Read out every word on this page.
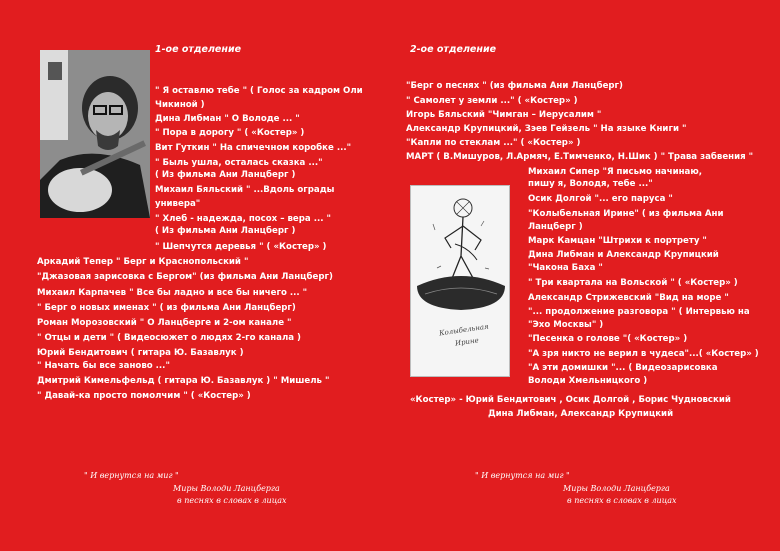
1-ое отделение
" Я оставлю тебе " ( Голос за кадром Оли
Чикиной )
Дина Либман " О Володе ... "
" Пора в дорогу " ( «Костер» )
Вит Гуткин " На спичечном коробке ..."
" Быль ушла, осталась сказка ..."
( Из фильма Ани Ланцберг )
Михаил Бяльский " ...Вдоль ограды
универа"
" Хлеб - надежда, посох – вера ... "
( Из фильма Ани Ланцберг )
" Шепчутся деревья " ( «Костер» )
Аркадий Тепер " Берг и Краснопольский "
"Джазовая зарисовка с Бергом" (из фильма Ани Ланцберг)
Михаил Карпачев " Все бы ладно и все бы ничего ... "
" Берг о новых именах " ( из фильма Ани Ланцберг)
Роман Морозовский " О Ланцберге и 2-ом канале "
" Отцы и дети " ( Видеосюжет о людях 2-го канала )
Юрий Бендитович ( гитара Ю. Базавлук )
" Начать бы все заново ..."
Дмитрий Кимельфельд ( гитара Ю. Базавлук ) " Мишель "
" Давай-ка просто помолчим " ( «Костер» )
" И вернутся на миг "
Миры Володи Ланцберга
в песнях в словах в лицах
2-ое отделение
"Берг о песнях " (из фильма Ани Ланцберг)
" Самолет у земли ..." ( «Костер» )
Игорь Бяльский "Чимган – Иерусалим "
Александр Крупицкий, Зэев Гейзель " На языке Книги "
"Капли по стеклам ..." ( «Костер» )
МАРТ ( В.Мишуров, Л.Армяч, Е.Тимченко, Н.Шик ) " Трава забвения "
Михаил Сипер "Я письмо начинаю,
пишу я, Володя, тебе ..."
Осик Долгой "... его паруса "
"Колыбельная Ирине" ( из фильма Ани
Ланцберг )
Марк Камцан "Штрихи к портрету "
Дина Либман и Александр Крупицкий
"Чакона Баха "
" Три квартала на Вольской " ( «Костер» )
Александр Стрижевский "Вид на море "
"... продолжение разговора " ( Интервью на
"Эхо Москвы" )
"Песенка о голове "( «Костер» )
"А зря никто не верил в чудеса"...( «Костер» )
"А эти домишки "... ( Видеозарисовка
Володи Хмельницкого )
«Костер» - Юрий Бендитович , Осик Долгой , Борис Чудновский
Дина Либман, Александр Крупицкий
" И вернутся на миг "
Миры Володи Ланцберга
в песнях в словах в лицах
Колыбельная
Ирине
